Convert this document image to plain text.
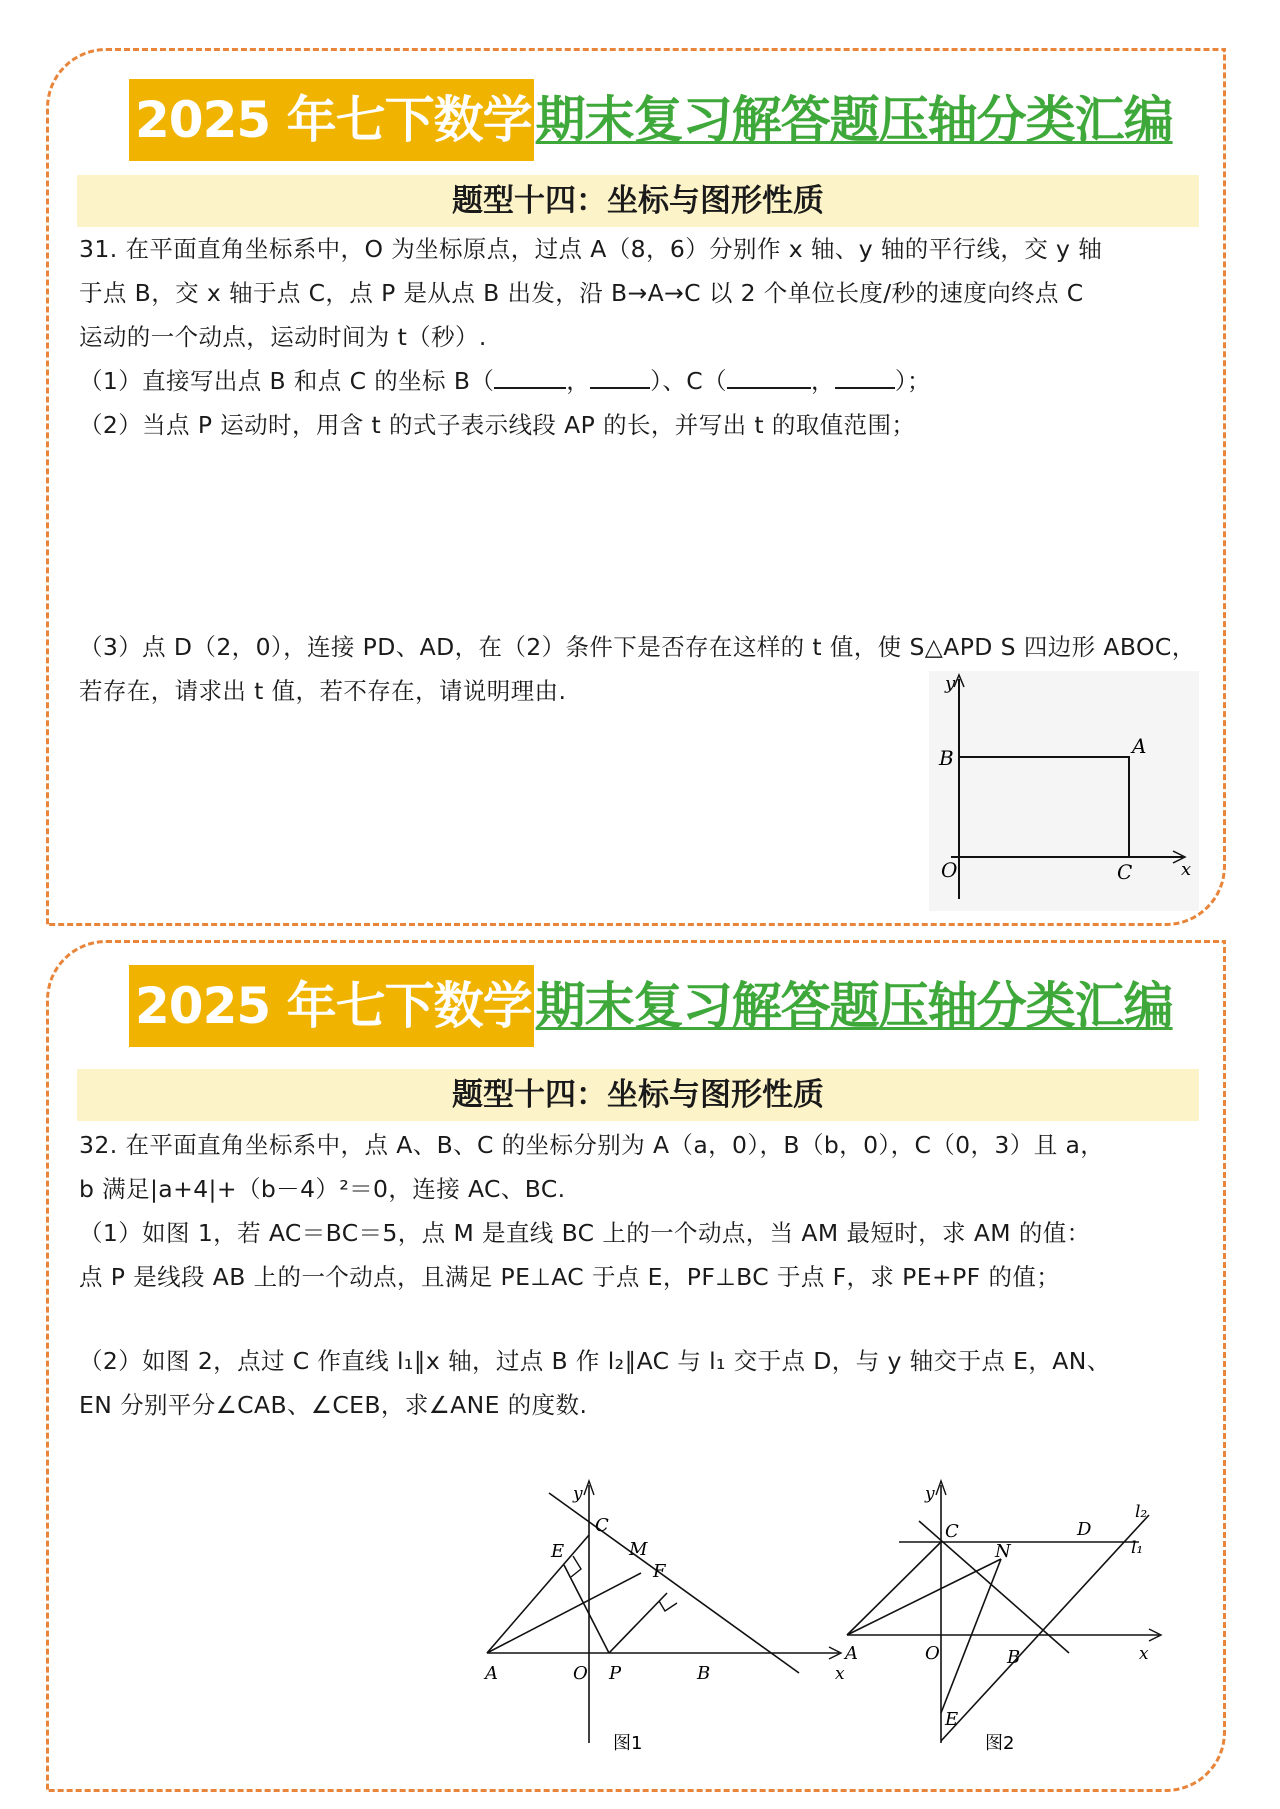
2025 年七下数学 期末复习解答题压轴分类汇编
题型十四：坐标与图形性质

31. 在平面直角坐标系中，O 为坐标原点，过点 A（8，6）分别作 x 轴、y 轴的平行线，交 y 轴

于点 B，交 x 轴于点 C，点 P 是从点 B 出发，沿 B→A→C 以 2 个单位长度/秒的速度向终点 C

运动的一个动点，运动时间为 t（秒）.

（1）直接写出点 B 和点 C 的坐标 B（	，	）、C（	，	）；

（2）当点 P 运动时，用含 t 的式子表示线段 AP 的长，并写出 t 的取值范围；

（3）点 D（2，0），连接 PD、AD，在（2）条件下是否存在这样的 t 值，使 S△APD S 四边形 ABOC，

若存在，请求出 t 值，若不存在，请说明理由.	y
B	A
O	C	x
2025 年七下数学 期末复习解答题压轴分类汇编
题型十四：坐标与图形性质

32. 在平面直角坐标系中，点 A、B、C 的坐标分别为 A（a，0），B（b，0），C（0，3）且 a，

b 满足|a+4|+（b－4）²＝0，连接 AC、BC.

（1）如图 1，若 AC＝BC＝5，点 M 是直线 BC 上的一个动点，当 AM 最短时，求 AM 的值：

点 P 是线段 AB 上的一个动点，且满足 PE⊥AC 于点 E，PF⊥BC 于点 F，求 PE+PF 的值；

（2）如图 2，点过 C 作直线 l₁∥x 轴，过点 B 作 l₂∥AC 与 l₁ 交于点 D，与 y 轴交于点 E，AN、

EN 分别平分∠CAB、∠CEB，求∠ANE 的度数.

y
C
E	M
F
A	O P	B	x
图1
y
C	D
l₂
l₁
N
A	O	B	x
E
图2
